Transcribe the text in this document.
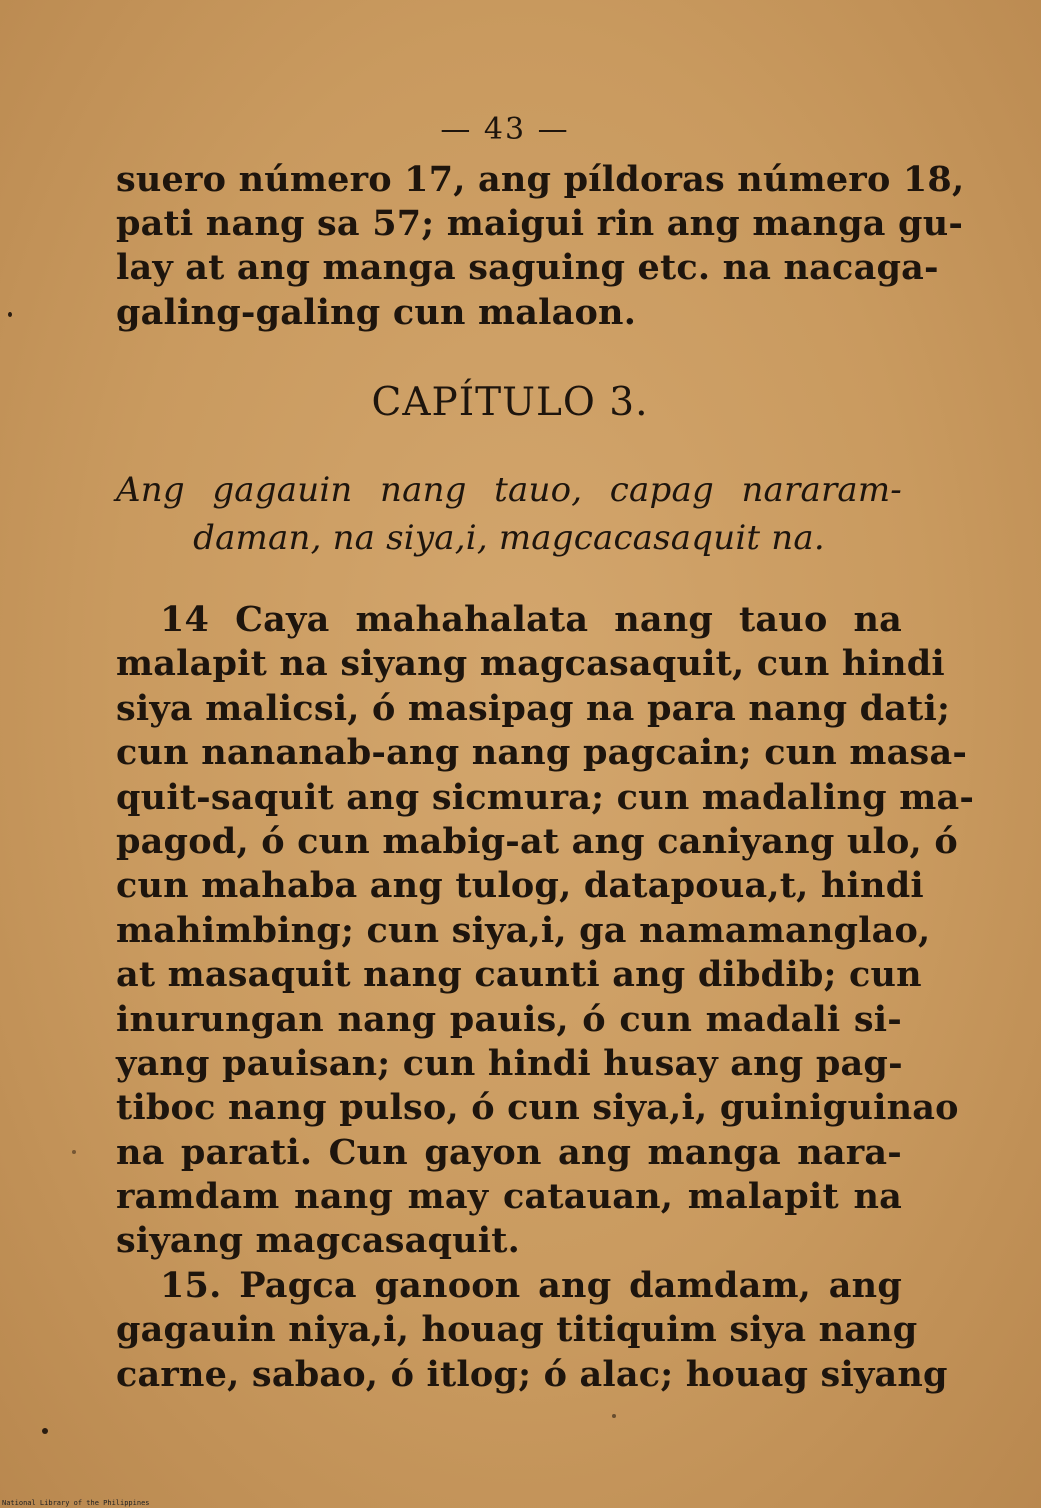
— 43 —
suero número 17, ang píldoras número 18,
pati nang sa 57; maigui rin ang manga gu-
lay at ang manga saguing etc. na nacaga-
galing-galing cun malaon.
CAPÍTULO 3.
Ang gagauin nang tauo, capag nararam-
daman, na siya,i, magcacasaquit na.
14 Caya mahahalata nang tauo na
malapit na siyang magcasaquit, cun hindi
siya malicsi, ó masipag na para nang dati;
cun nananab-ang nang pagcain; cun masa-
quit-saquit ang sicmura; cun madaling ma-
pagod, ó cun mabig-at ang caniyang ulo, ó
cun mahaba ang tulog, datapoua,t, hindi
mahimbing; cun siya,i, ga namamanglao,
at masaquit nang caunti ang dibdib; cun
inurungan nang pauis, ó cun madali si-
yang pauisan; cun hindi husay ang pag-
tiboc nang pulso, ó cun siya,i, guiniguinao
na parati. Cun gayon ang manga nara-
ramdam nang may catauan, malapit na
siyang magcasaquit.
15. Pagca ganoon ang damdam, ang
gagauin niya,i, houag titiquim siya nang
carne, sabao, ó itlog; ó alac; houag siyang
National Library of the Philippines
